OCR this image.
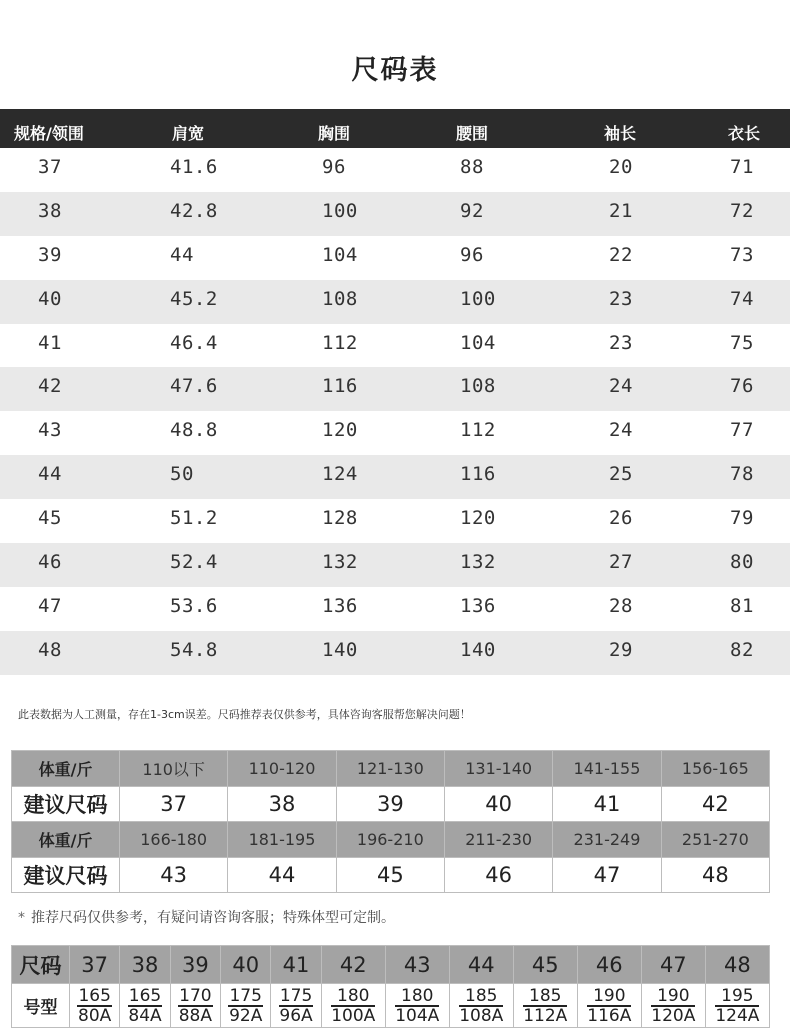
尺码表
规格/领围	肩宽	胸围	腰围	袖长	衣长
37	41.6	96	88	20	71
38	42.8	100	92	21	72
39	44	104	96	22	73
40	45.2	108	100	23	74
41	46.4	112	104	23	75
42	47.6	116	108	24	76
43	48.8	120	112	24	77
44	50	124	116	25	78
45	51.2	128	120	26	79
46	52.4	132	132	27	80
47	53.6	136	136	28	81
48	54.8	140	140	29	82
此表数据为人工测量，存在1-3cm误差。尺码推荐表仅供参考，具体咨询客服帮您解决问题！
体重/斤	110以下	110-120	121-130	131-140	141-155	156-165
建议尺码	37	38	39	40	41	42
体重/斤	166-180	181-195	196-210	211-230	231-249	251-270
建议尺码	43	44	45	46	47	48
* 推荐尺码仅供参考，有疑问请咨询客服；特殊体型可定制。
尺码	37	38	39	40	41	42	43	44	45	46	47	48
号型	$\frac{165}{80A}$	$\frac{165}{84A}$	$\frac{170}{88A}$	$\frac{175}{92A}$	$\frac{175}{96A}$	$\frac{180}{100A}$	$\frac{180}{104A}$	$\frac{185}{108A}$	$\frac{185}{112A}$	$\frac{190}{116A}$	$\frac{190}{120A}$	$\frac{195}{124A}$
